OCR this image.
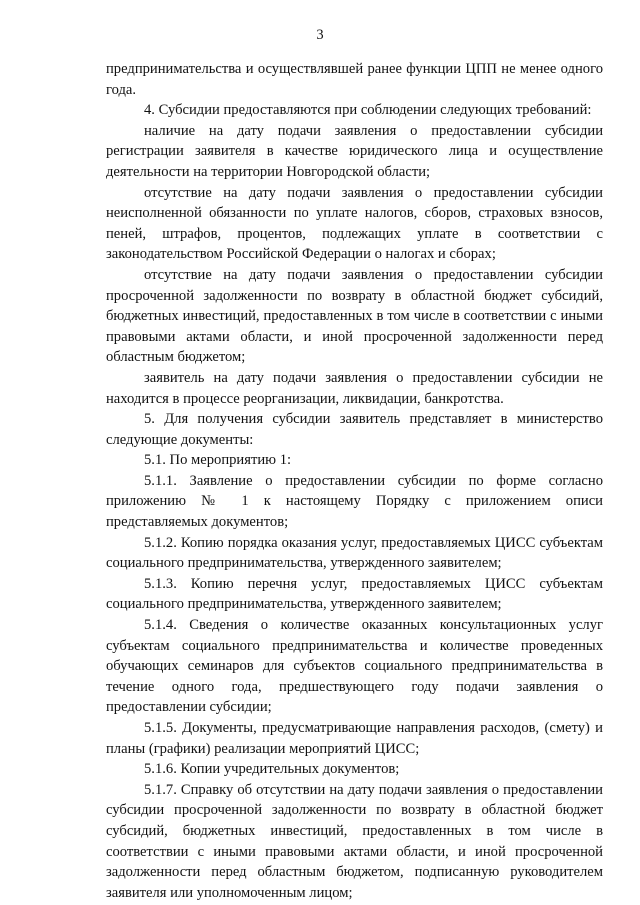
3

предпринимательства и осуществлявшей ранее функции ЦПП не менее одного года.

4. Субсидии предоставляются при соблюдении следующих требований:

наличие на дату подачи заявления о предоставлении субсидии регистрации заявителя в качестве юридического лица и осуществление деятельности на территории Новгородской области;

отсутствие на дату подачи заявления о предоставлении субсидии неисполненной обязанности по уплате налогов, сборов, страховых взносов, пеней, штрафов, процентов, подлежащих уплате в соответствии с законодательством Российской Федерации о налогах и сборах;

отсутствие на дату подачи заявления о предоставлении субсидии просроченной задолженности по возврату в областной бюджет субсидий, бюджетных инвестиций, предоставленных в том числе в соответствии с иными правовыми актами области, и иной просроченной задолженности перед областным бюджетом;

заявитель на дату подачи заявления о предоставлении субсидии не находится в процессе реорганизации, ликвидации, банкротства.

5. Для получения субсидии заявитель представляет в министерство следующие документы:

5.1. По мероприятию 1:

5.1.1. Заявление о предоставлении субсидии по форме согласно приложению № 1 к настоящему Порядку с приложением описи представляемых документов;

5.1.2. Копию порядка оказания услуг, предоставляемых ЦИСС субъектам социального предпринимательства, утвержденного заявителем;

5.1.3. Копию перечня услуг, предоставляемых ЦИСС субъектам социального предпринимательства, утвержденного заявителем;

5.1.4. Сведения о количестве оказанных консультационных услуг субъектам социального предпринимательства и количестве проведенных обучающих семинаров для субъектов социального предпринимательства в течение одного года, предшествующего году подачи заявления о предоставлении субсидии;

5.1.5. Документы, предусматривающие направления расходов, (смету) и планы (графики) реализации мероприятий ЦИСС;

5.1.6. Копии учредительных документов;

5.1.7. Справку об отсутствии на дату подачи заявления о предоставлении субсидии просроченной задолженности по возврату в областной бюджет субсидий, бюджетных инвестиций, предоставленных в том числе в соответствии с иными правовыми актами области, и иной просроченной задолженности перед областным бюджетом, подписанную руководителем заявителя или уполномоченным лицом;
